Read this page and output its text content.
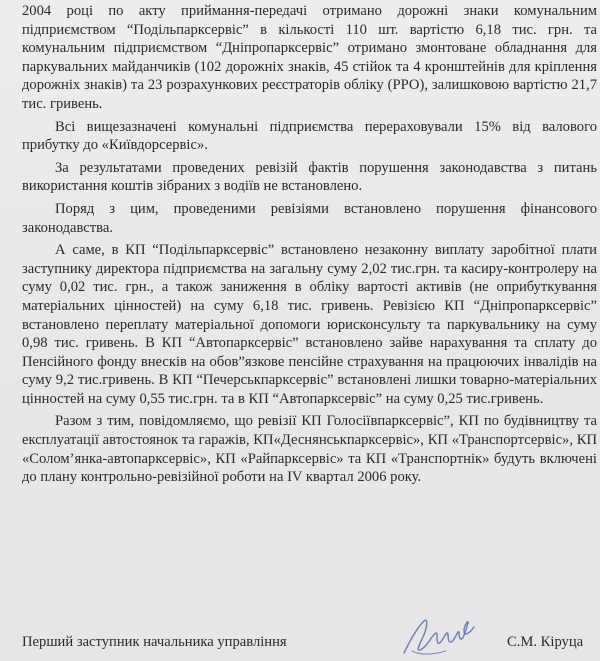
2004 році по акту приймання-передачі отримано дорожні знаки комунальним підприємством “Подільпарксервіс” в кількості 110 шт. вартістю 6,18 тис. грн. та комунальним підприємством “Дніпропарксервіс” отримано змонтоване обладнання для паркувальних майданчиків (102 дорожніх знаків, 45 стійок та 4 кронштейнів для кріплення дорожніх знаків) та 23 розрахункових реєстраторів обліку (РРО), залишковою вартістю 21,7 тис. гривень.

Всі вищезазначені комунальні підприємства перераховували 15% від валового прибутку до «Київдорсервіс».

За результатами проведених ревізій фактів порушення законодавства з питань використання коштів зібраних з водіїв не встановлено.

Поряд з цим, проведеними ревізіями встановлено порушення фінансового законодавства.

А саме, в КП “Подільпарксервіс” встановлено незаконну виплату заробітної плати заступнику директора підприємства на загальну суму 2,02 тис.грн. та касиру-контролеру на суму 0,02 тис. грн., а також заниження в обліку вартості активів (не оприбуткування матеріальних цінностей) на суму 6,18 тис. гривень. Ревізією КП “Дніпропарксервіс” встановлено переплату матеріальної допомоги юрисконсульту та паркувальнику на суму 0,98 тис. гривень. В КП “Автопарксервіс” встановлено зайве нарахування та сплату до Пенсійного фонду внесків на обов”язкове пенсійне страхування на працюючих інвалідів на суму 9,2 тис.гривень. В КП “Печерськпарксервіс” встановлені лишки товарно-матеріальних цінностей на суму 0,55 тис.грн. та в КП “Автопарксервіс” на суму 0,25 тис.гривень.

Разом з тим, повідомляємо, що ревізії КП Голосіївпарксервіс”, КП по будівництву та експлуатації автостоянок та гаражів, КП«Деснянськпарксервіс», КП «Транспортсервіс», КП «Солом’янка-автопарксервіс», КП «Райпарксервіс» та КП «Транспортнік» будуть включені до плану контрольно-ревізійної роботи на IV квартал 2006 року.

Перший заступник начальника управління	С.М. Кіруца
